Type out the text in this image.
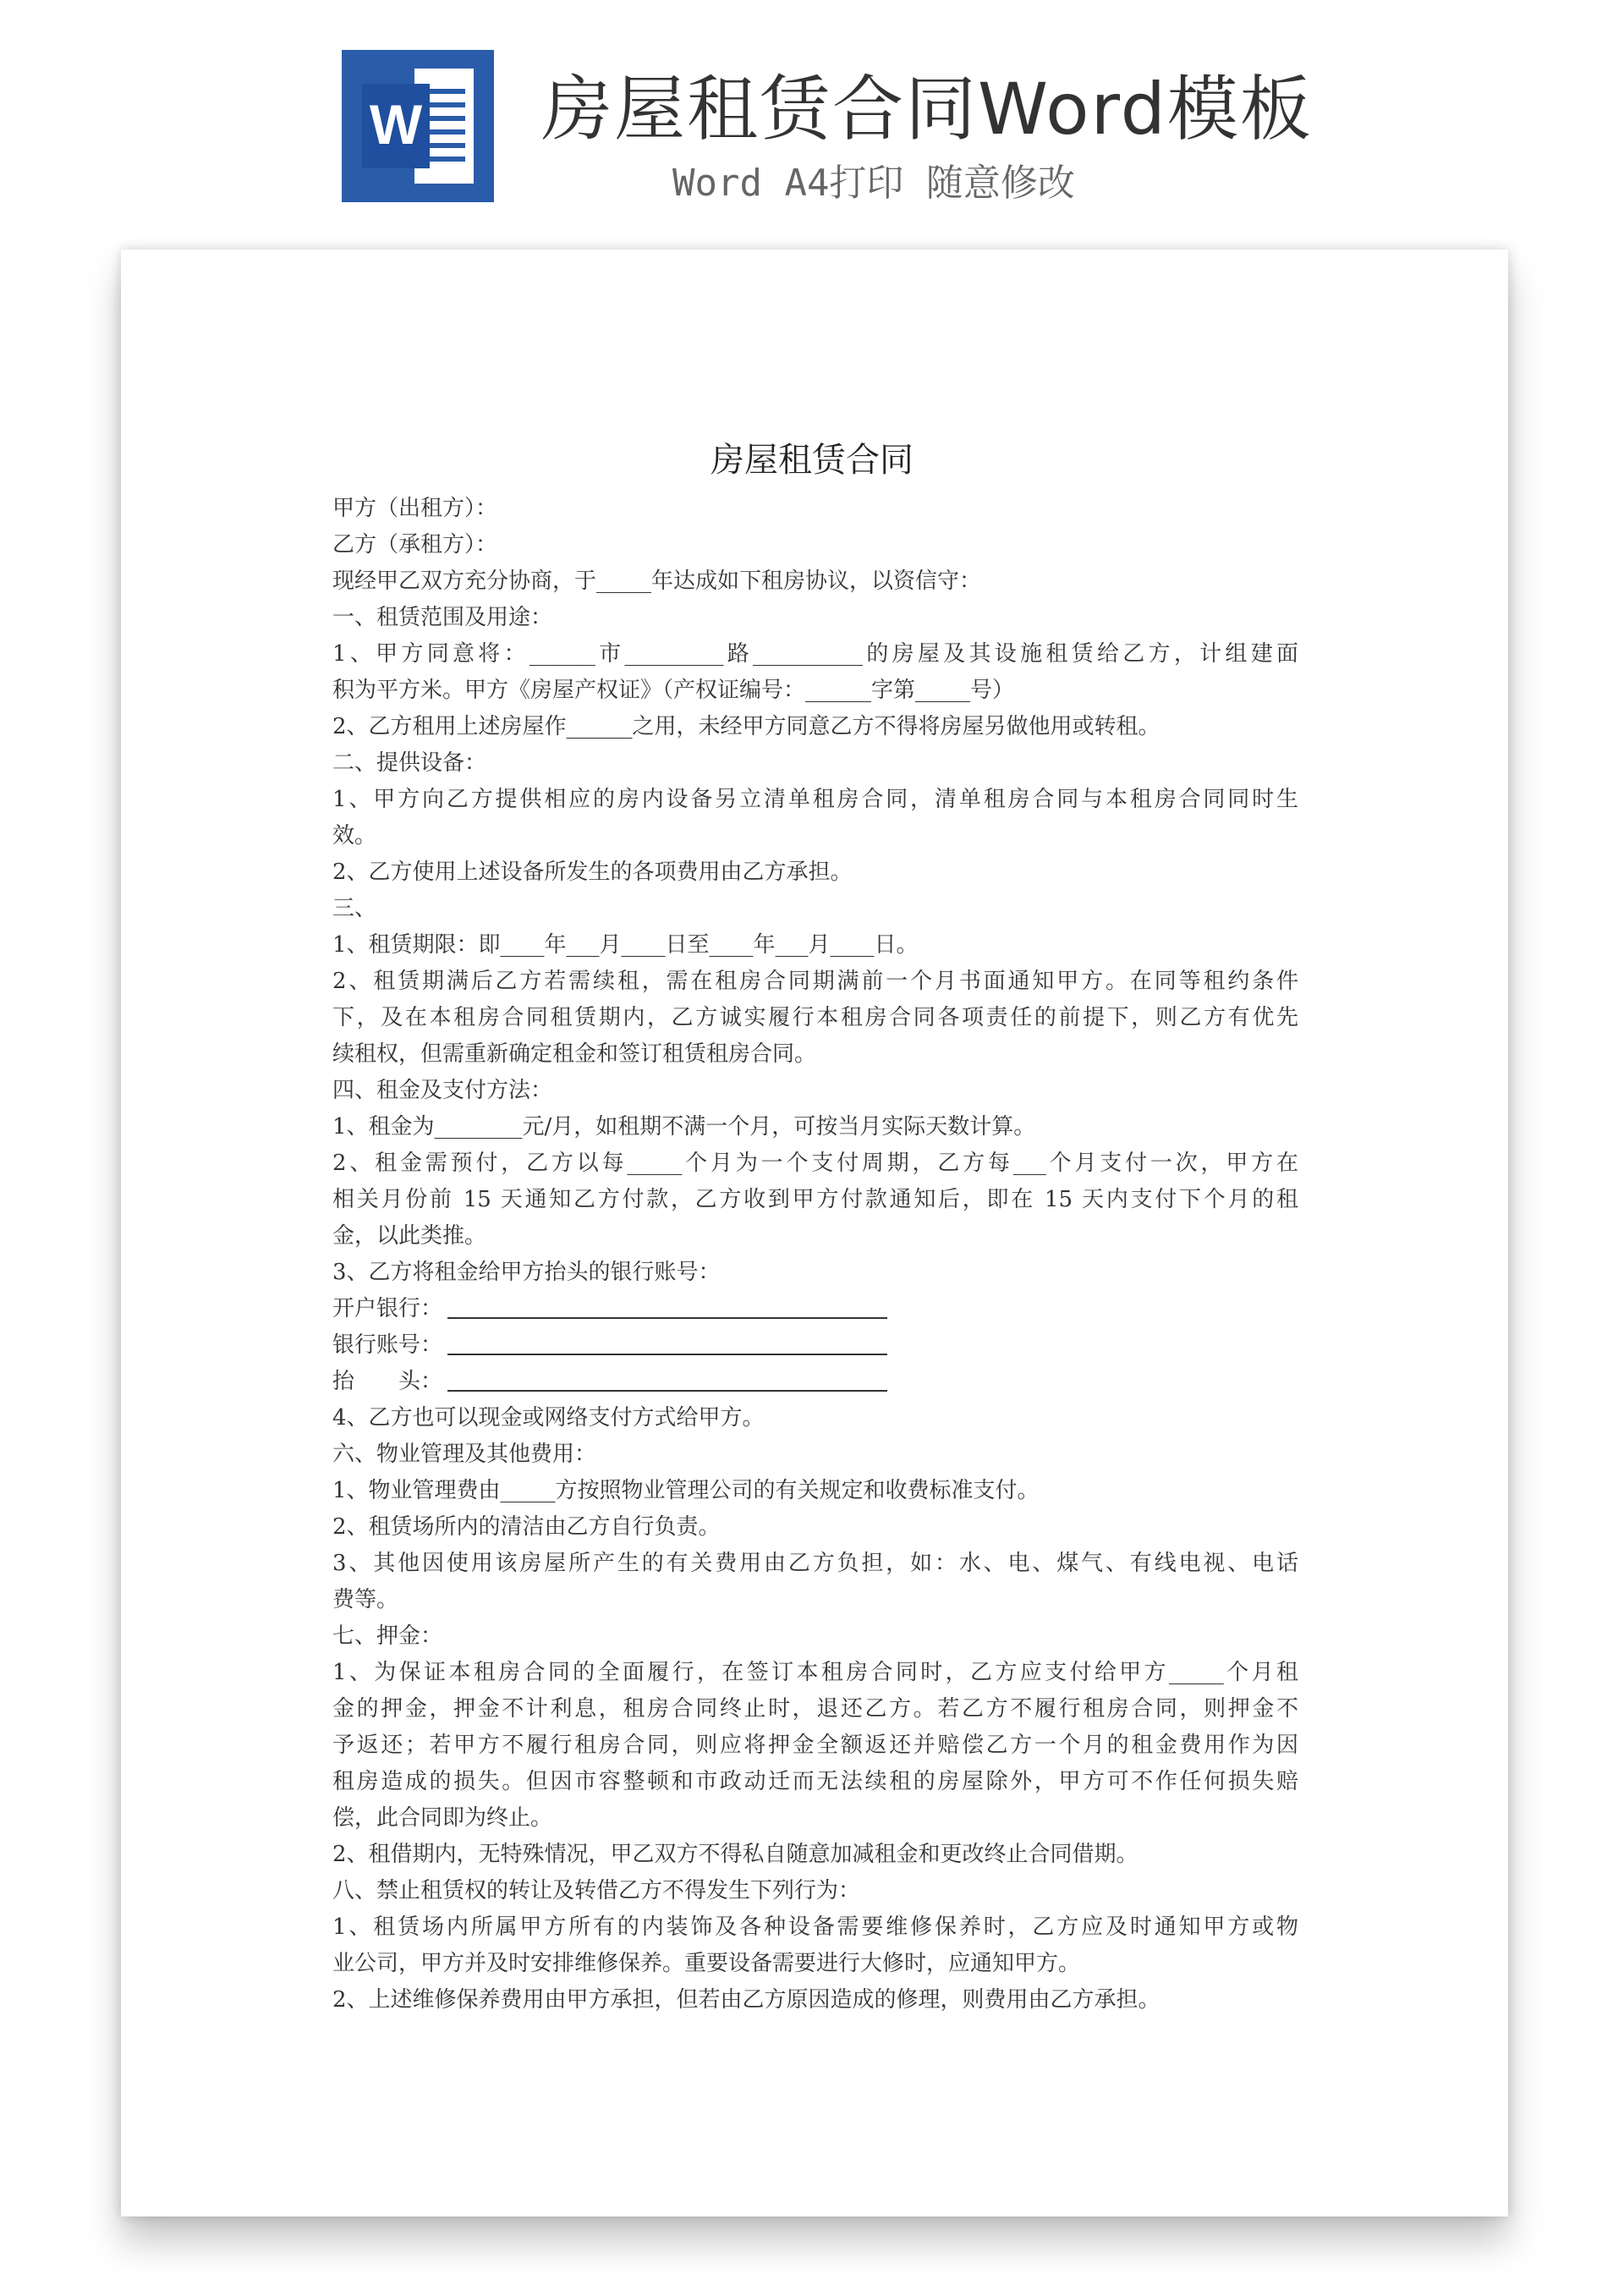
W 房屋租赁合同Word模板
Word A4打印 随意修改
房屋租赁合同
甲方（出租方）：
乙方（承租方）：
现经甲乙双方充分协商，于_____年达成如下租房协议，以资信守：
一、租赁范围及用途：
1、甲方同意将：______市_________路__________的房屋及其设施租赁给乙方，计组建面
积为平方米。甲方《房屋产权证》（产权证编号：______字第_____号）
2、乙方租用上述房屋作______之用，未经甲方同意乙方不得将房屋另做他用或转租。
二、提供设备：
1、甲方向乙方提供相应的房内设备另立清单租房合同，清单租房合同与本租房合同同时生
效。
2、乙方使用上述设备所发生的各项费用由乙方承担。
三、
1、租赁期限：即____年___月____日至____年___月____日。
2、租赁期满后乙方若需续租，需在租房合同期满前一个月书面通知甲方。在同等租约条件
下，及在本租房合同租赁期内，乙方诚实履行本租房合同各项责任的前提下，则乙方有优先
续租权，但需重新确定租金和签订租赁租房合同。
四、租金及支付方法：
1、租金为________元/月，如租期不满一个月，可按当月实际天数计算。
2、租金需预付，乙方以每_____个月为一个支付周期，乙方每___个月支付一次，甲方在
相关月份前 15 天通知乙方付款，乙方收到甲方付款通知后，即在 15 天内支付下个月的租
金，以此类推。
3、乙方将租金给甲方抬头的银行账号：
开户银行：
银行账号：
抬　　头：
4、乙方也可以现金或网络支付方式给甲方。
六、物业管理及其他费用：
1、物业管理费由_____方按照物业管理公司的有关规定和收费标准支付。
2、租赁场所内的清洁由乙方自行负责。
3、其他因使用该房屋所产生的有关费用由乙方负担，如：水、电、煤气、有线电视、电话
费等。
七、押金：
1、为保证本租房合同的全面履行，在签订本租房合同时，乙方应支付给甲方_____个月租
金的押金，押金不计利息，租房合同终止时，退还乙方。若乙方不履行租房合同，则押金不
予返还；若甲方不履行租房合同，则应将押金全额返还并赔偿乙方一个月的租金费用作为因
租房造成的损失。但因市容整顿和市政动迁而无法续租的房屋除外，甲方可不作任何损失赔
偿，此合同即为终止。
2、租借期内，无特殊情况，甲乙双方不得私自随意加减租金和更改终止合同借期。
八、禁止租赁权的转让及转借乙方不得发生下列行为：
1、租赁场内所属甲方所有的内装饰及各种设备需要维修保养时，乙方应及时通知甲方或物
业公司，甲方并及时安排维修保养。重要设备需要进行大修时，应通知甲方。
2、上述维修保养费用由甲方承担，但若由乙方原因造成的修理，则费用由乙方承担。
